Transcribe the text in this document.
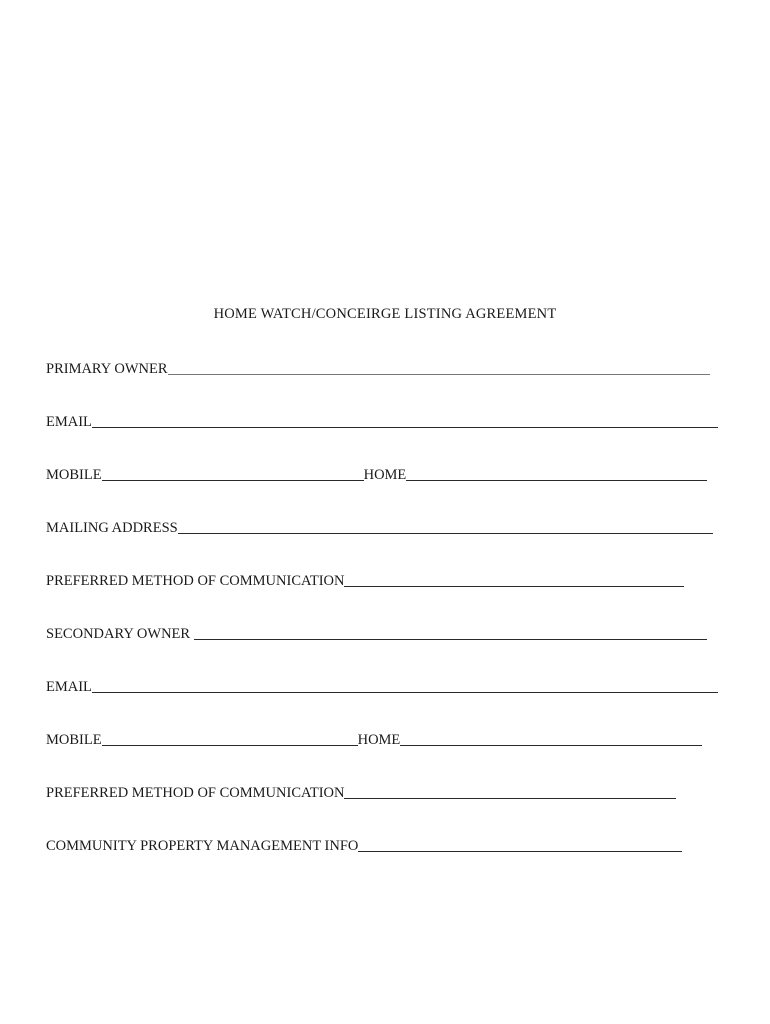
HOME WATCH/CONCEIRGE LISTING AGREEMENT
PRIMARY OWNER
EMAIL
MOBILE	HOME
MAILING ADDRESS
PREFERRED METHOD OF COMMUNICATION
SECONDARY OWNER
EMAIL
MOBILE	HOME
PREFERRED METHOD OF COMMUNICATION
COMMUNITY PROPERTY MANAGEMENT INFO
